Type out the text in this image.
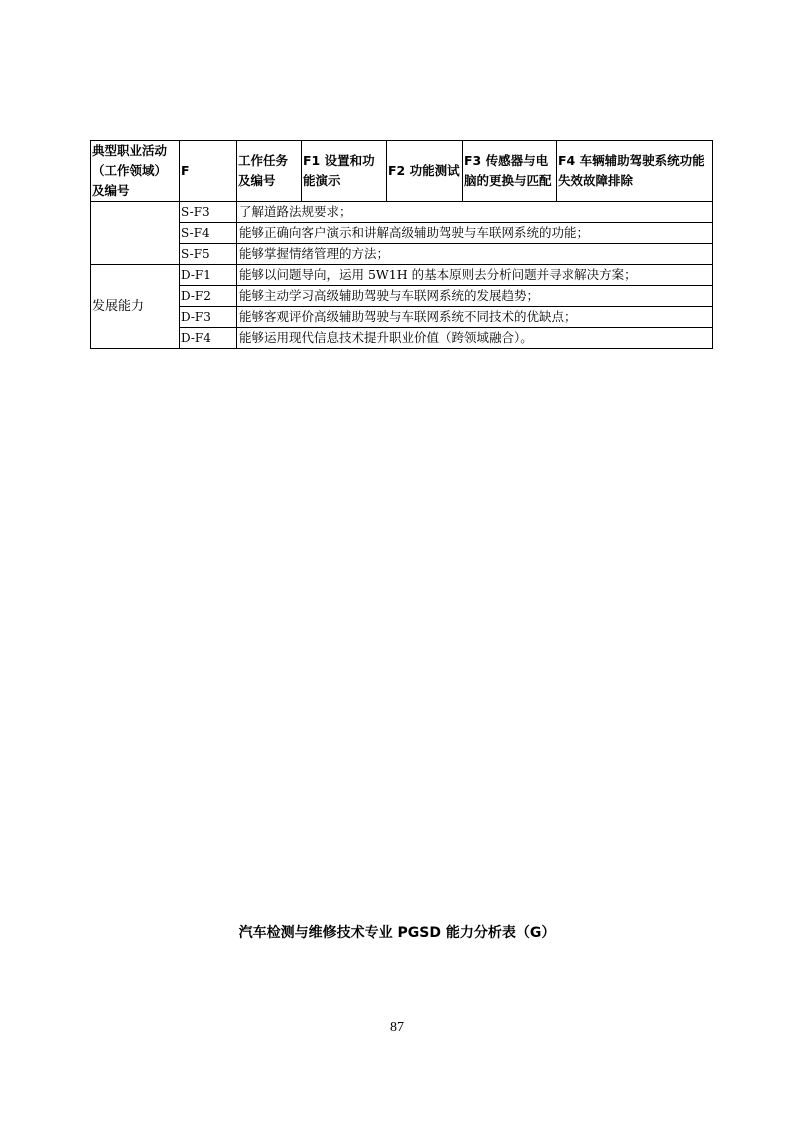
典型职业活动（工作领域）及编号	F	工作任务及编号	F1 设置和功能演示	F2 功能测试	F3 传感器与电脑的更换与匹配	F4 车辆辅助驾驶系统功能失效故障排除
	S-F3	了解道路法规要求；				
	S-F4	能够正确向客户演示和讲解高级辅助驾驶与车联网系统的功能；				
	S-F5	能够掌握情绪管理的方法；				
发展能力	D-F1	能够以问题导向，运用 5W1H 的基本原则去分析问题并寻求解决方案；				
	D-F2	能够主动学习高级辅助驾驶与车联网系统的发展趋势；				
	D-F3	能够客观评价高级辅助驾驶与车联网系统不同技术的优缺点；				
	D-F4	能够运用现代信息技术提升职业价值（跨领域融合）。				
汽车检测与维修技术专业 PGSD 能力分析表（G）
87
